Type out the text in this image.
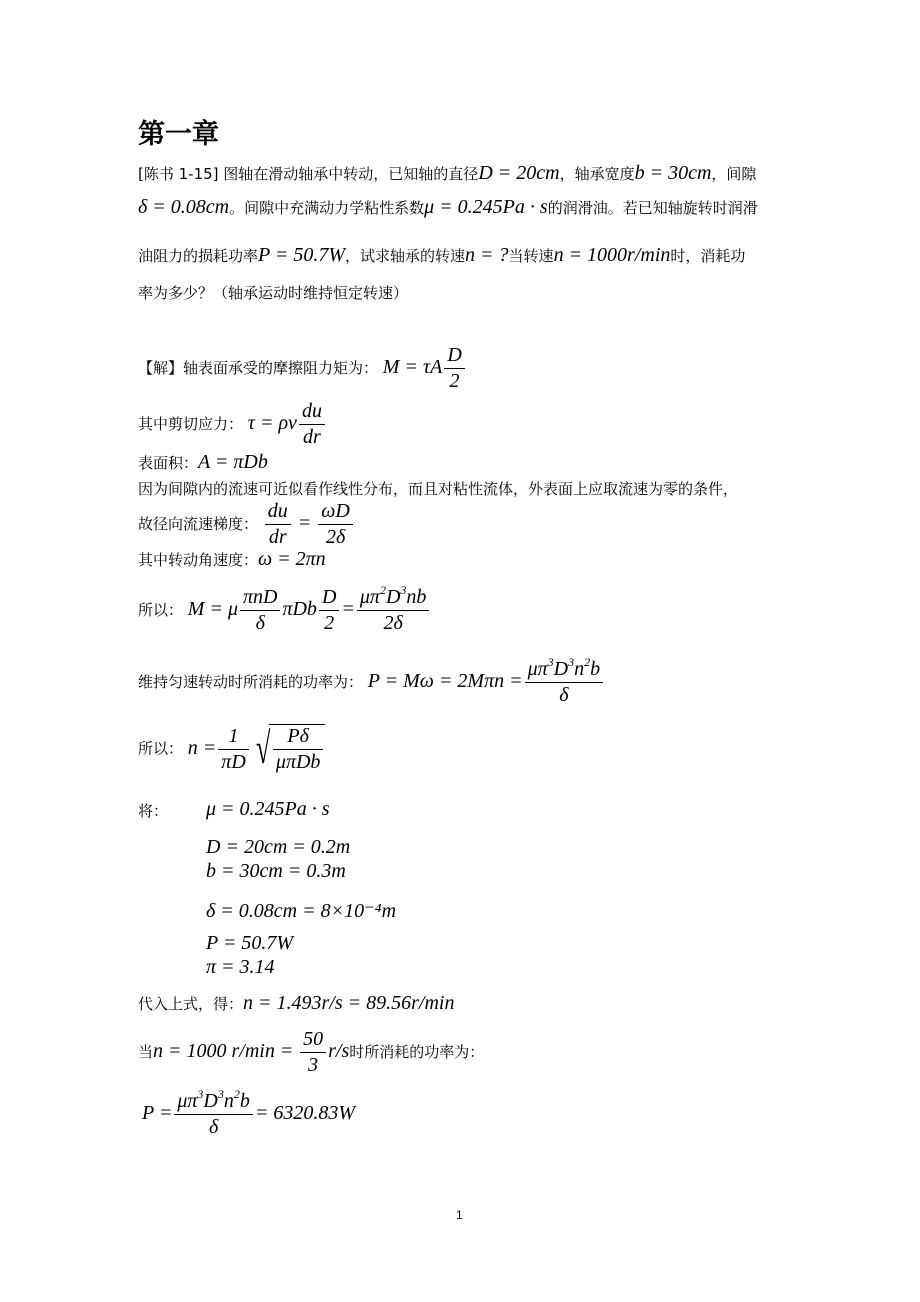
第一章
[陈书 1-15] 图轴在滑动轴承中转动，已知轴的直径D = 20cm，轴承宽度b = 30cm，间隙
δ = 0.08cm。间隙中充满动力学粘性系数μ = 0.245Pa · s的润滑油。若已知轴旋转时润滑
油阻力的损耗功率P = 50.7W，试求轴承的转速n = ?当转速n = 1000r/min时，消耗功
率为多少？（轴承运动时维持恒定转速）
【解】轴表面承受的摩擦阻力矩为： M = τA $\frac{D}{2}$
其中剪切应力： τ = ρν $\frac{du}{dr}$
表面积：A = πDb
因为间隙内的流速可近似看作线性分布，而且对粘性流体，外表面上应取流速为零的条件，
故径向流速梯度： $\frac{du}{dr} = \frac{\omega D}{2\delta}$
其中转动角速度：ω = 2πn
所以： M = μ $\frac{\text{πnD}}{\delta}$ πDb $\frac{D}{2} = \frac{\mu\pi^2D^3nb}{2\delta}$
维持匀速转动时所消耗的功率为： $P = M\omega = 2M\pi n = \frac{\mu\pi^3D^3n^2b}{\delta}$
所以： $n = \frac{1}{\pi D}$ √ $\frac{P\delta}{\text{μπDb}}$
将： μ = 0.245Pa · s
D = 20cm = 0.2m
b = 30cm = 0.3m
δ = 0.08cm = 8×10⁻⁴m
P = 50.7W
π = 3.14
代入上式，得：n = 1.493r/s = 89.56r/min
当n = 1000 $r/\min = \frac{50}{3} r/s$时所消耗的功率为：
$P = \frac{\mu\pi^3D^3n^2b}{\delta} = 6320.83W$
1
